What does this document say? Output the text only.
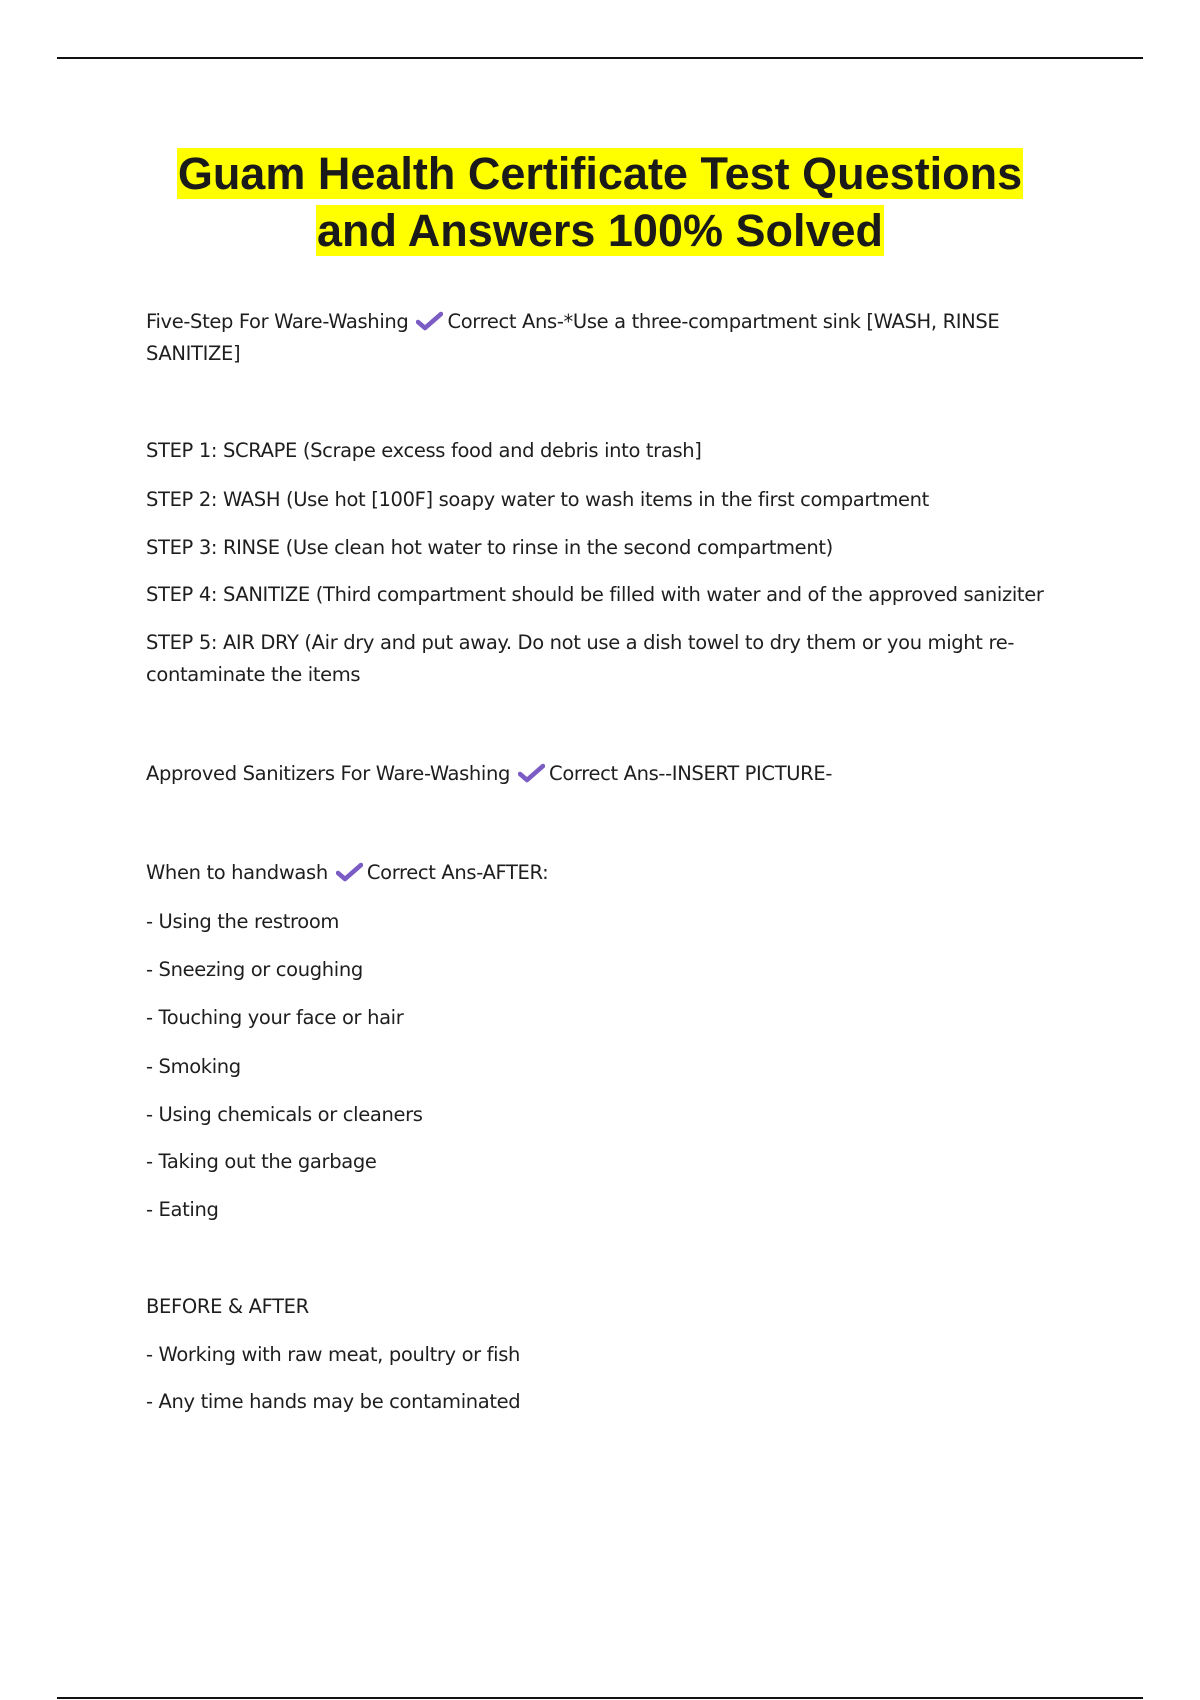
Guam Health Certificate Test Questions
and Answers 100% Solved
Five-Step For Ware-Washing Correct Ans-*Use a three-compartment sink [WASH, RINSE
SANITIZE]
STEP 1: SCRAPE (Scrape excess food and debris into trash]
STEP 2: WASH (Use hot [100F] soapy water to wash items in the first compartment
STEP 3: RINSE (Use clean hot water to rinse in the second compartment)
STEP 4: SANITIZE (Third compartment should be filled with water and of the approved saniziter
STEP 5: AIR DRY (Air dry and put away. Do not use a dish towel to dry them or you might re-
contaminate the items
Approved Sanitizers For Ware-Washing Correct Ans--INSERT PICTURE-
When to handwash Correct Ans-AFTER:
- Using the restroom
- Sneezing or coughing
- Touching your face or hair
- Smoking
- Using chemicals or cleaners
- Taking out the garbage
- Eating
BEFORE & AFTER
- Working with raw meat, poultry or fish
- Any time hands may be contaminated
